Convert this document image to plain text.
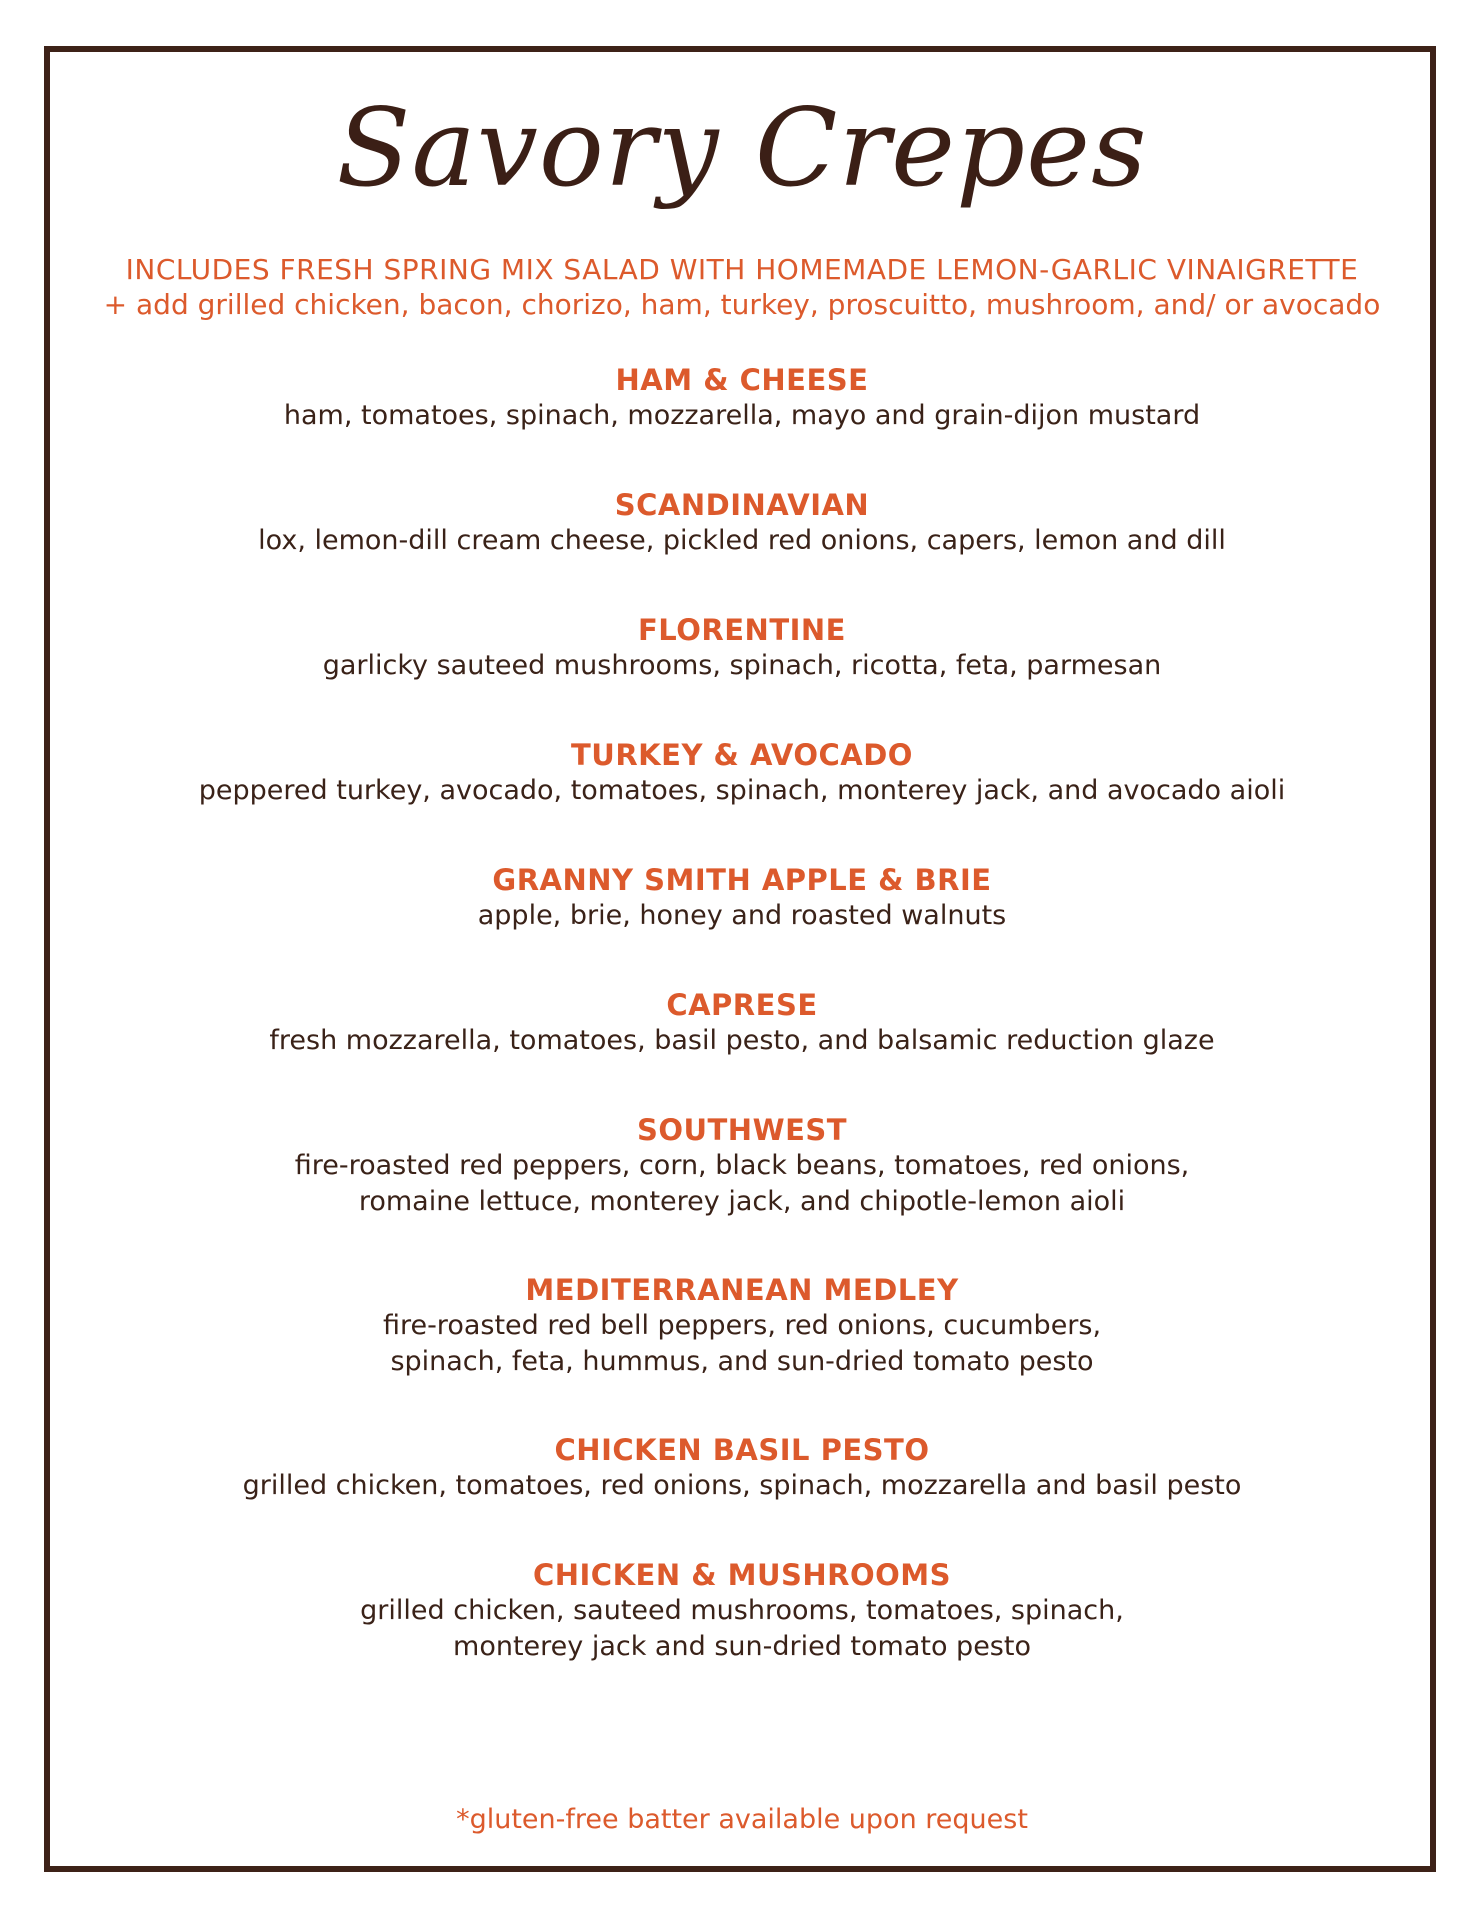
Savory Crepes
INCLUDES FRESH SPRING MIX SALAD WITH HOMEMADE LEMON-GARLIC VINAIGRETTE
+ add grilled chicken, bacon, chorizo, ham, turkey, proscuitto, mushroom, and/ or avocado
HAM & CHEESE
ham, tomatoes, spinach, mozzarella, mayo and grain-dijon mustard
SCANDINAVIAN
lox, lemon-dill cream cheese, pickled red onions, capers, lemon and dill
FLORENTINE
garlicky sauteed mushrooms, spinach, ricotta, feta, parmesan
TURKEY & AVOCADO
peppered turkey, avocado, tomatoes, spinach, monterey jack, and avocado aioli
GRANNY SMITH APPLE & BRIE
apple, brie, honey and roasted walnuts
CAPRESE
fresh mozzarella, tomatoes, basil pesto, and balsamic reduction glaze
SOUTHWEST
fire-roasted red peppers, corn, black beans, tomatoes, red onions,
romaine lettuce, monterey jack, and chipotle-lemon aioli
MEDITERRANEAN MEDLEY
fire-roasted red bell peppers, red onions, cucumbers,
spinach, feta, hummus, and sun-dried tomato pesto
CHICKEN BASIL PESTO
grilled chicken, tomatoes, red onions, spinach, mozzarella and basil pesto
CHICKEN & MUSHROOMS
grilled chicken, sauteed mushrooms, tomatoes, spinach,
monterey jack and sun-dried tomato pesto
*gluten-free batter available upon request
